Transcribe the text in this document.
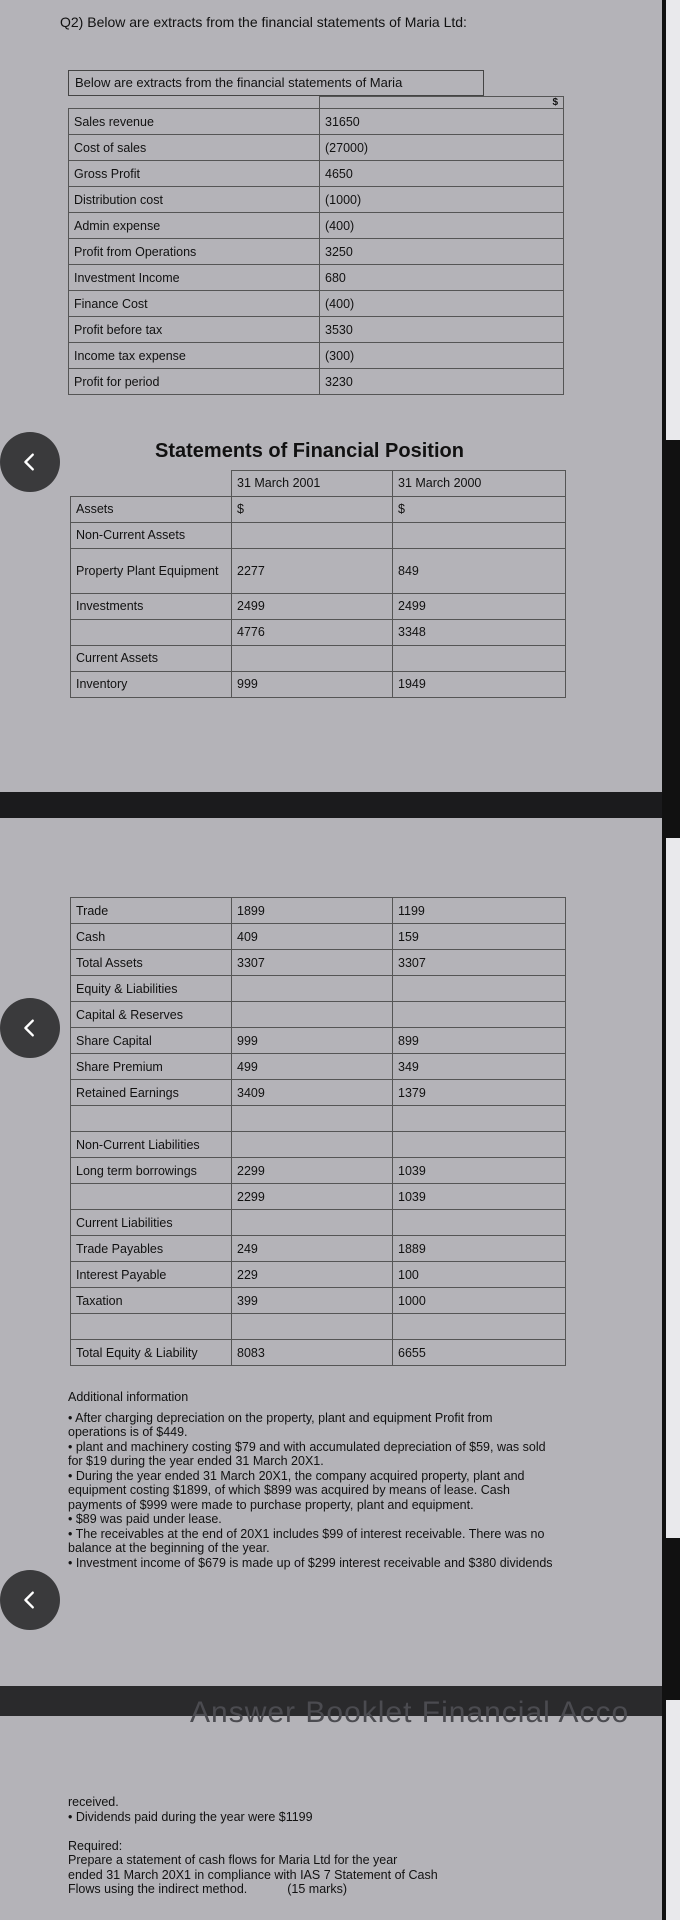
Answer Booklet Financial Acco
Q2) Below are extracts from the financial statements of Maria Ltd:
Below are extracts from the financial statements of Maria
	$
Sales revenue	31650
Cost of sales	(27000)
Gross Profit	4650
Distribution cost	(1000)
Admin expense	(400)
Profit from Operations	3250
Investment Income	680
Finance Cost	(400)
Profit before tax	3530
Income tax expense	(300)
Profit for period	3230
Statements of Financial Position
	31 March 2001	31 March 2000
Assets	$	$
Non-Current Assets		
Property Plant Equipment	2277	849
Investments	2499	2499
	4776	3348
Current Assets		
Inventory	999	1949
Trade	1899	1199
Cash	409	159
Total Assets	3307	3307
Equity & Liabilities		
Capital & Reserves		
Share Capital	999	899
Share Premium	499	349
Retained Earnings	3409	1379

Non-Current Liabilities		
Long term borrowings	2299	1039
	2299	1039
Current Liabilities		
Trade Payables	249	1889
Interest Payable	229	100
Taxation	399	1000

Total Equity & Liability	8083	6655
Additional information
• After charging depreciation on the property, plant and equipment Profit from
operations is of $449.
• plant and machinery costing $79 and with accumulated depreciation of $59, was sold
for $19 during the year ended 31 March 20X1.
• During the year ended 31 March 20X1, the company acquired property, plant and
equipment costing $1899, of which $899 was acquired by means of lease. Cash
payments of $999 were made to purchase property, plant and equipment.
• $89 was paid under lease.
• The receivables at the end of 20X1 includes $99 of interest receivable. There was no
balance at the beginning of the year.
• Investment income of $679 is made up of $299 interest receivable and $380 dividends
received.
• Dividends paid during the year were $1199
Required:
Prepare a statement of cash flows for Maria Ltd for the year
ended 31 March 20X1 in compliance with IAS 7 Statement of Cash
Flows using the indirect method.	(15 marks)
